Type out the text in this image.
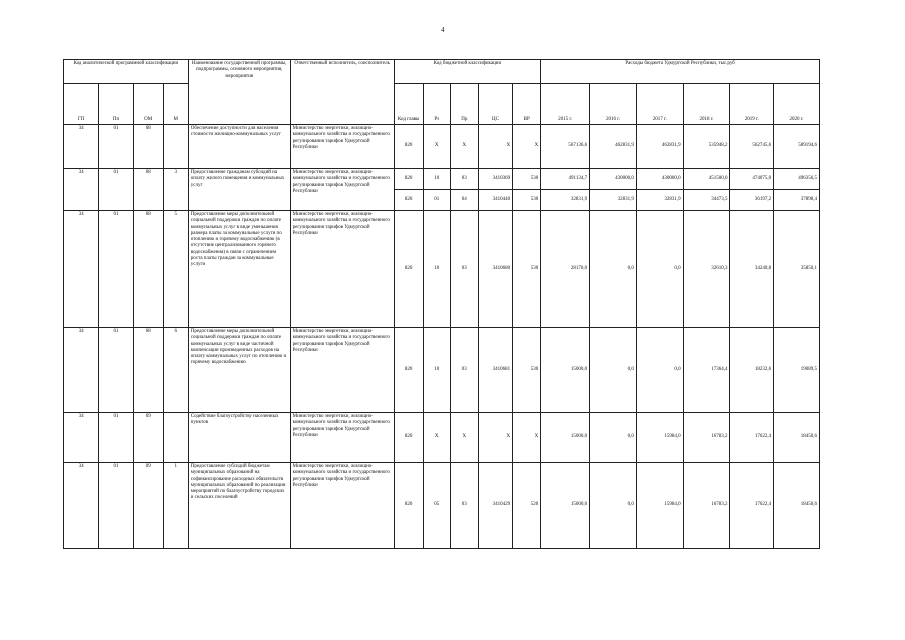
4
Код аналитической программной классификации				Наименование государственной программы, подпрограммы, основного мероприятия, мероприятия	Ответственный исполнитель, соисполнитель	Код бюджетной классификации					Расходы бюджета Удмуртской Республики, тыс.руб					
ГП	Пп	ОМ	М			Код главы	Рз	Пр	ЦС	ВР	2015 г.	2016 г.	2017 г.	2018 г.	2019 г.	2020 г.
34	01	08		Обеспечение доступности для населения стоимости жилищно-коммунальных услуг	Министерство энергетики, жилищно-коммунального хозяйства и государственного регулирования тарифов Удмуртской Республики	820	X	X	X	X	567136,6	462831,9	462831,9	535948,2	562745,6	589194,6
34	01	08	3	Предоставление гражданам субсидий на оплату жилого помещения и коммунальных услуг	Министерство энергетики, жилищно-коммунального хозяйства и государственного регулирования тарифов Удмуртской Республики	820	10	03	3410369	530	491134,7	430000,0	430000,0	451500,0	474075,0	496356,5
						820	01	04	3410440	530	32831,9	32831,9	32831,9	34473,5	36197,2	37898,4
34	01	08	5	Предоставление меры дополнительной социальной поддержки граждан по оплате коммунальных услуг в виде уменьшения размера платы за коммунальные услуги по отоплению и горячему водоснабжению (в отсутствие централизованного горячего водоснабжения) в связи с ограничением роста платы граждан за коммунальные услуги	Министерство энергетики, жилищно-коммунального хозяйства и государственного регулирования тарифов Удмуртской Республики	820	10	03	3410680	530	28170,0	0,0	0,0	32610,3	34240,8	35850,1
34	01	08	6	Предоставление меры дополнительной социальной поддержки граждан по оплате коммунальных услуг в виде частичной компенсации произведенных расходов на оплату коммунальных услуг по отоплению и горячему водоснабжению	Министерство энергетики, жилищно-коммунального хозяйства и государственного регулирования тарифов Удмуртской Республики	820	10	03	3410681	530	15000,0	0,0	0,0	17364,4	18232,6	19089,5
34	01	09		Содействие благоустройству населенных пунктов	Министерство энергетики, жилищно-коммунального хозяйства и государственного регулирования тарифов Удмуртской Республики	820	X	X	X	X	15000,0	0,0	15984,0	16783,2	17622,4	18450,6
34	01	09	1	Предоставление субсидий бюджетам муниципальных образований на софинансирование расходных обязательств муниципальных образований по реализации мероприятий по благоустройству городских и сельских поселений	Министерство энергетики, жилищно-коммунального хозяйства и государственного регулирования тарифов Удмуртской Республики	820	05	03	3410429	520	15000,0	0,0	15984,0	16783,2	17622,4	18450,6
